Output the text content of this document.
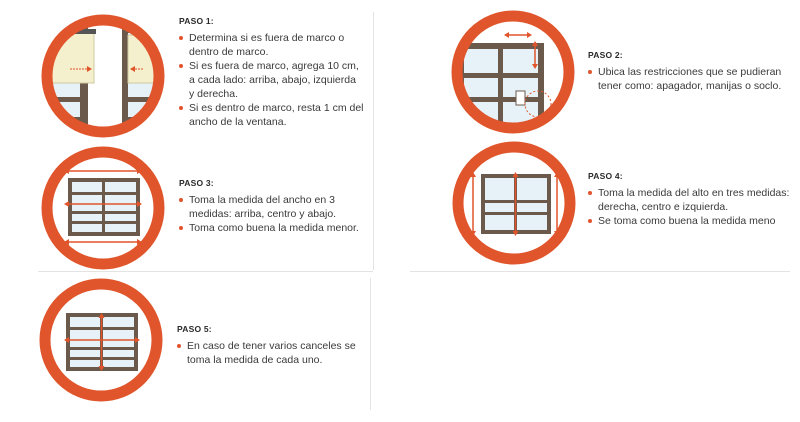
PASO 1:
Determina si es fuera de marco o dentro de marco.
Si es fuera de marco, agrega 10 cm, a cada lado: arriba, abajo, izquierda y derecha.
Si es dentro de marco, resta 1 cm del ancho de la ventana.
PASO 2:
Ubica las restricciones que se pudieran tener como: apagador, manijas o soclo.
PASO 3:
Toma la medida del ancho en 3 medidas: arriba, centro y abajo.
Toma como buena la medida menor.
PASO 4:
Toma la medida del alto en tres medidas: derecha, centro e izquierda.
Se toma como buena la medida meno
PASO 5:
En caso de tener varios canceles se toma la medida de cada uno.
